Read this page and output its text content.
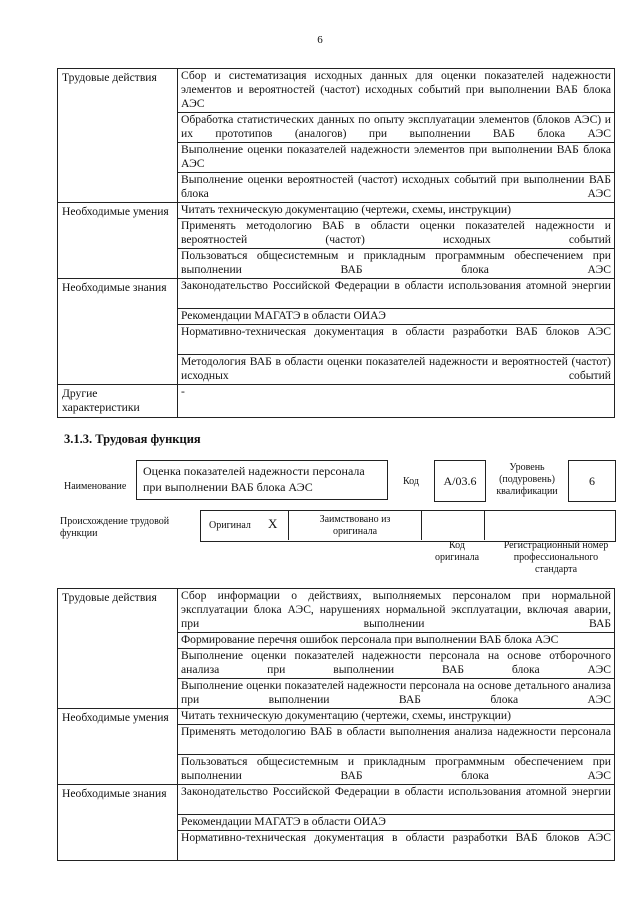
6
Трудовые действия	Сбор и систематизация исходных данных для оценки показателей надежности элементов и вероятностей (частот) исходных событий при выполнении ВАБ блока АЭС
	Обработка статистических данных по опыту эксплуатации элементов (блоков АЭС) и их прототипов (аналогов) при выполнении ВАБ блока АЭС
	Выполнение оценки показателей надежности элементов при выполнении ВАБ блока АЭС
	Выполнение оценки вероятностей (частот) исходных событий при выполнении ВАБ блока АЭС
Необходимые умения	Читать техническую документацию (чертежи, схемы, инструкции)
	Применять методологию ВАБ в области оценки показателей надежности и вероятностей (частот) исходных событий
	Пользоваться общесистемным и прикладным программным обеспечением при выполнении ВАБ блока АЭС
Необходимые знания	Законодательство Российской Федерации в области использования атомной энергии
	Рекомендации МАГАТЭ в области ОИАЭ
	Нормативно-техническая документация в области разработки ВАБ блоков АЭС
	Методология ВАБ в области оценки показателей надежности и вероятностей (частот) исходных событий
Другие характеристики	-
3.1.3. Трудовая функция
Наименование
Оценка показателей надежности персонала при выполнении ВАБ блока АЭС	Код	А/03.6
Уровень (подуровень) квалификации
6
Происхождение трудовой функции
Оригинал X	Заимствовано из оригинала
Код оригинала
Регистрационный номер профессионального стандарта
Трудовые действия	Сбор информации о действиях, выполняемых персоналом при нормальной эксплуатации блока АЭС, нарушениях нормальной эксплуатации, включая аварии, при выполнении ВАБ
	Формирование перечня ошибок персонала при выполнении ВАБ блока АЭС
	Выполнение оценки показателей надежности персонала на основе отборочного анализа при выполнении ВАБ блока АЭС
	Выполнение оценки показателей надежности персонала на основе детального анализа при выполнении ВАБ блока АЭС
Необходимые умения	Читать техническую документацию (чертежи, схемы, инструкции)
	Применять методологию ВАБ в области выполнения анализа надежности персонала
	Пользоваться общесистемным и прикладным программным обеспечением при выполнении ВАБ блока АЭС
Необходимые знания	Законодательство Российской Федерации в области использования атомной энергии
	Рекомендации МАГАТЭ в области ОИАЭ
	Нормативно-техническая документация в области разработки ВАБ блоков АЭС
